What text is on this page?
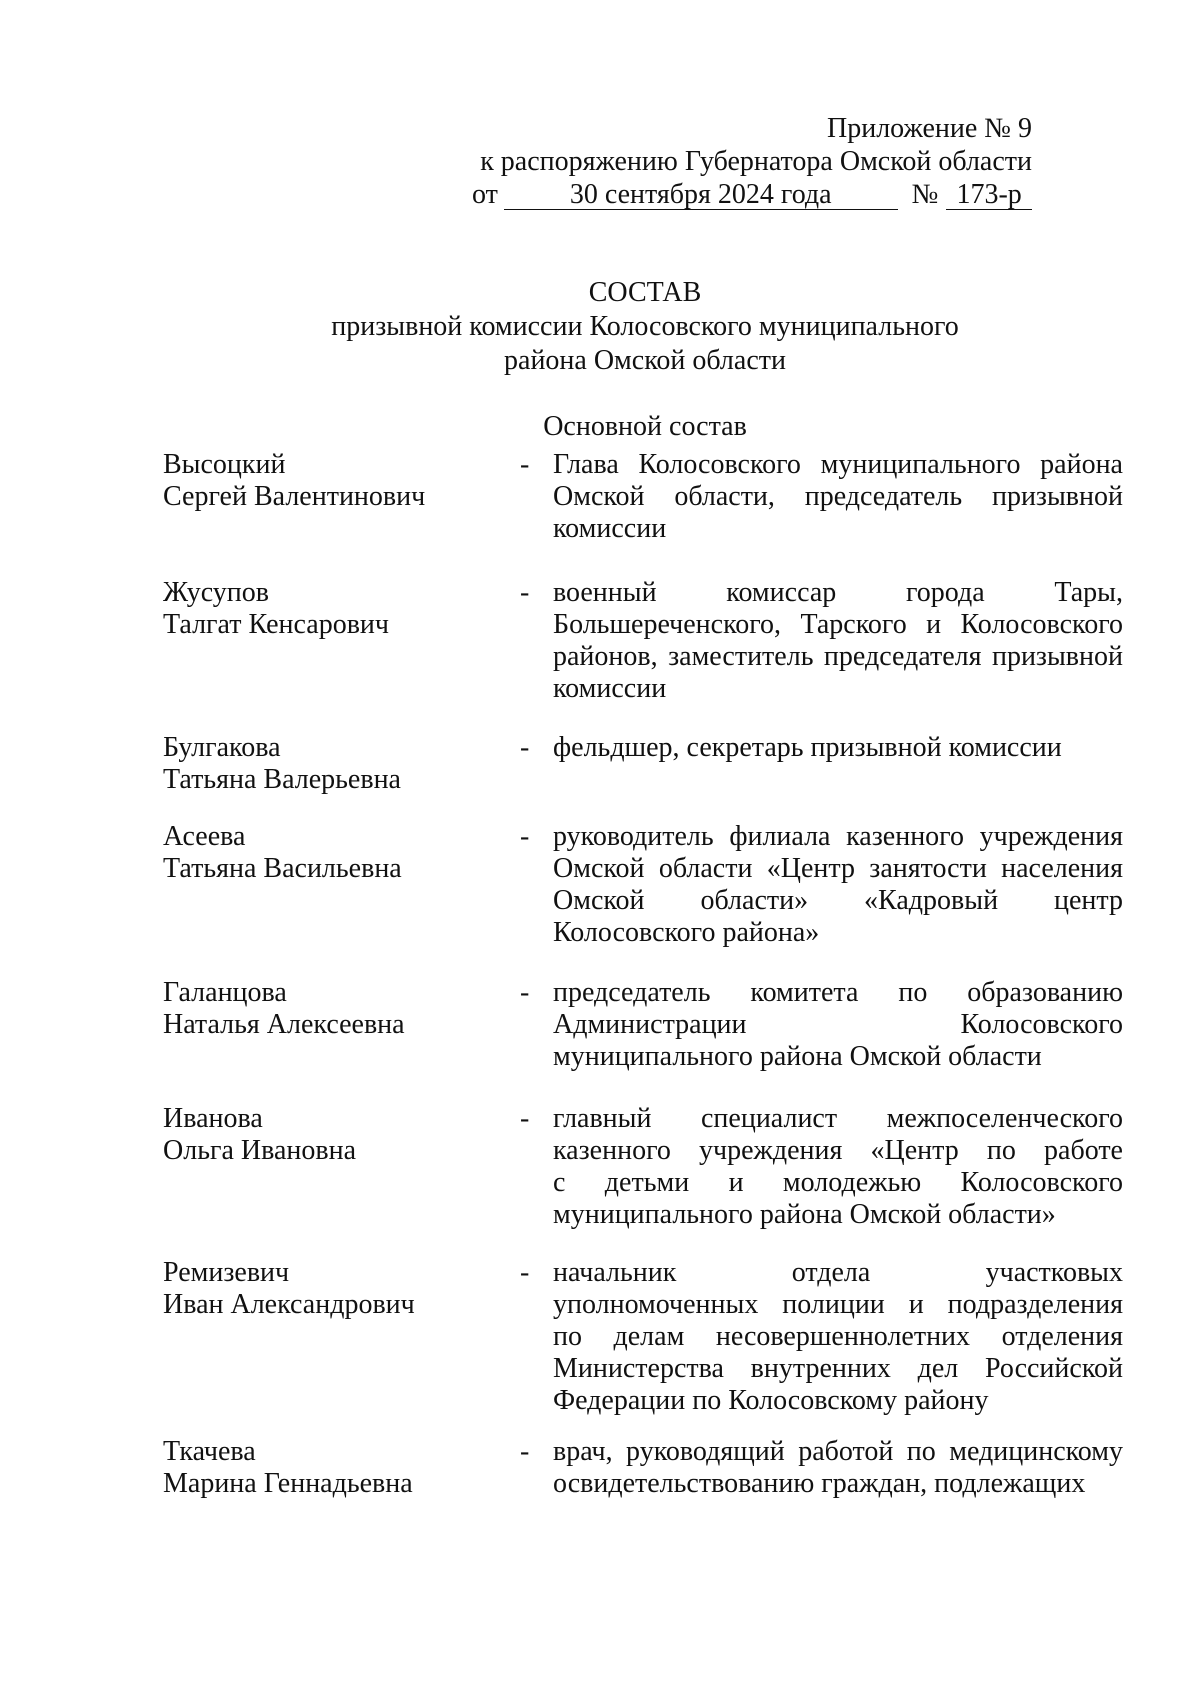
Приложение № 9
к распоряжению Губернатора Омской области
от	30 сентября 2024 года	№ 173-р
СОСТАВ
призывной комиссии Колосовского муниципального
района Омской области
Основной состав
Высоцкий
Сергей Валентинович
- Глава Колосовского муниципального района
Омской области, председатель призывной
комиссии
Жусупов
Талгат Кенсарович
- военный комиссар города Тары,
Большереченского, Тарского и Колосовского
районов, заместитель председателя призывной
комиссии
Булгакова
Татьяна Валерьевна
- фельдшер, секретарь призывной комиссии
Асеева
Татьяна Васильевна
- руководитель филиала казенного учреждения
Омской области «Центр занятости населения
Омской области» «Кадровый центр
Колосовского района»
Галанцова
Наталья Алексеевна
- председатель комитета по образованию
Администрации Колосовского
муниципального района Омской области
Иванова
Ольга Ивановна
- главный специалист межпоселенческого
казенного учреждения «Центр по работе
с детьми и молодежью Колосовского
муниципального района Омской области»
Ремизевич
Иван Александрович
- начальник отдела участковых
уполномоченных полиции и подразделения
по делам несовершеннолетних отделения
Министерства внутренних дел Российской
Федерации по Колосовскому району
Ткачева
Марина Геннадьевна
- врач, руководящий работой по медицинскому
освидетельствованию граждан, подлежащих
